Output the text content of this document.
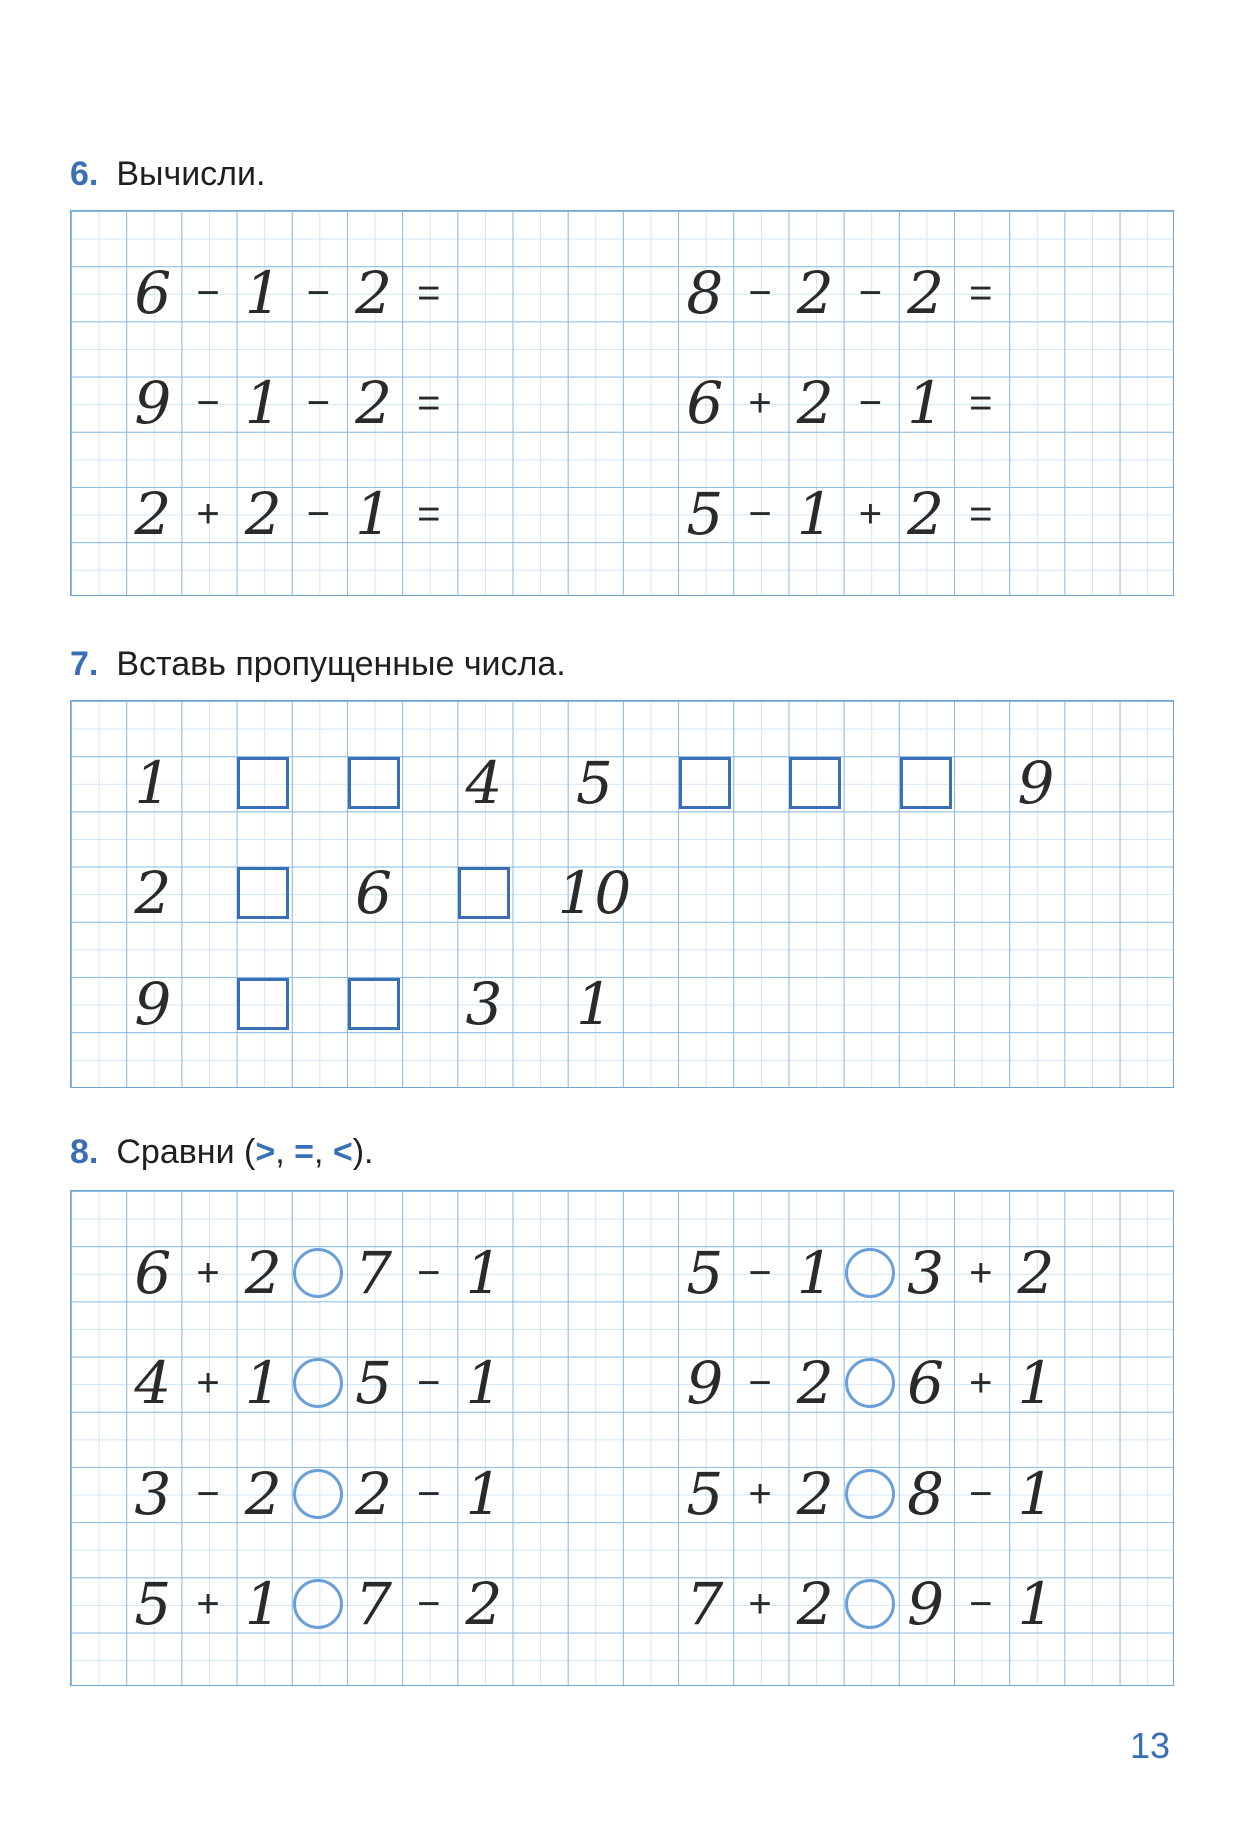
6. Вычисли.
7. Вставь пропущенные числа.
8. Сравни (>, =, <).
13
6 − 1 − 2 =	8 − 2 − 2 =
9 − 1 − 2 =	6 + 2 − 1 =
2 + 2 − 1 =	5 − 1 + 2 =
1	4 5	9
2	6	10
9	3 1
6 + 2 7 − 1	5 − 1 3 + 2
4 + 1 5 − 1	9 − 2 6 + 1
3 − 2 2 − 1	5 + 2 8 − 1
5 + 1 7 − 2	7 + 2 9 − 1
